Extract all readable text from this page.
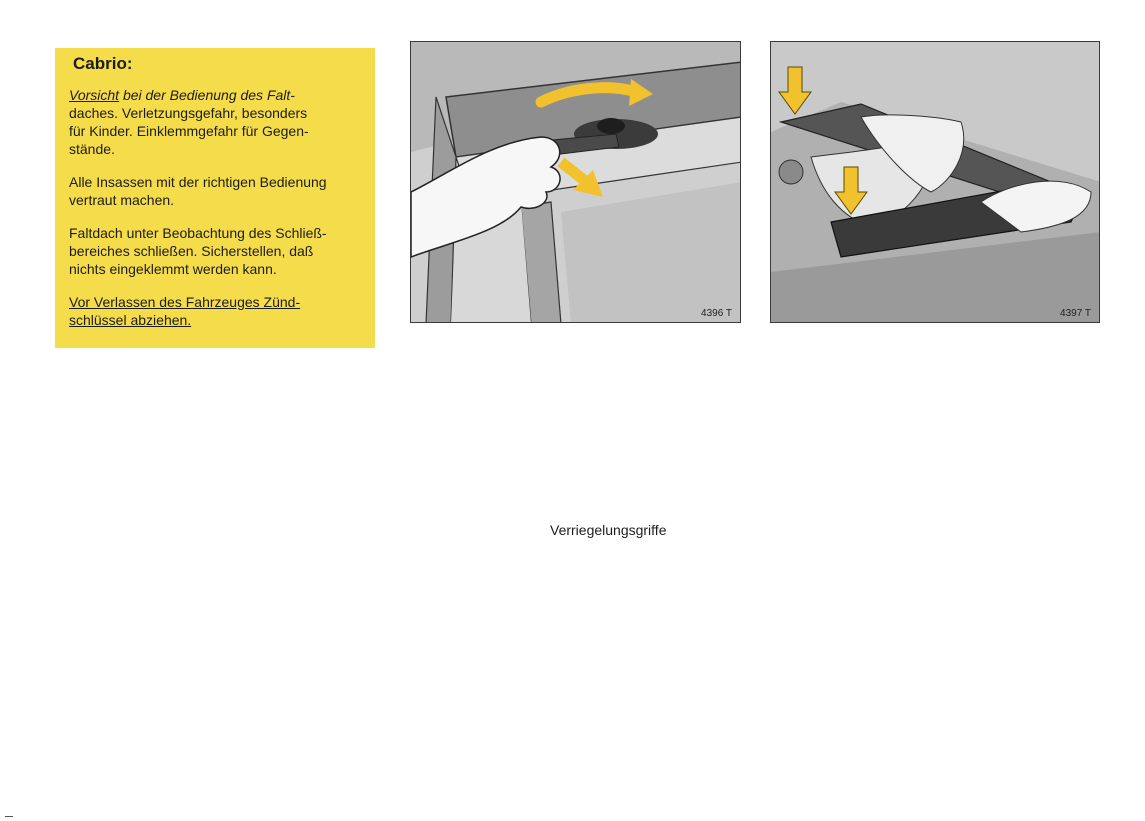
Cabrio:

Vorsicht bei der Bedienung des Falt-
daches. Verletzungsgefahr, besonders
für Kinder. Einklemmgefahr für Gegen-
stände.

Alle Insassen mit der richtigen Bedienung
vertraut machen.

Faltdach unter Beobachtung des Schließ-
bereiches schließen. Sicherstellen, daß
nichts eingeklemmt werden kann.

Vor Verlassen des Fahrzeuges Zünd-
schlüssel abziehen.	4396 T	4397 T
Verriegelungsgriffe
